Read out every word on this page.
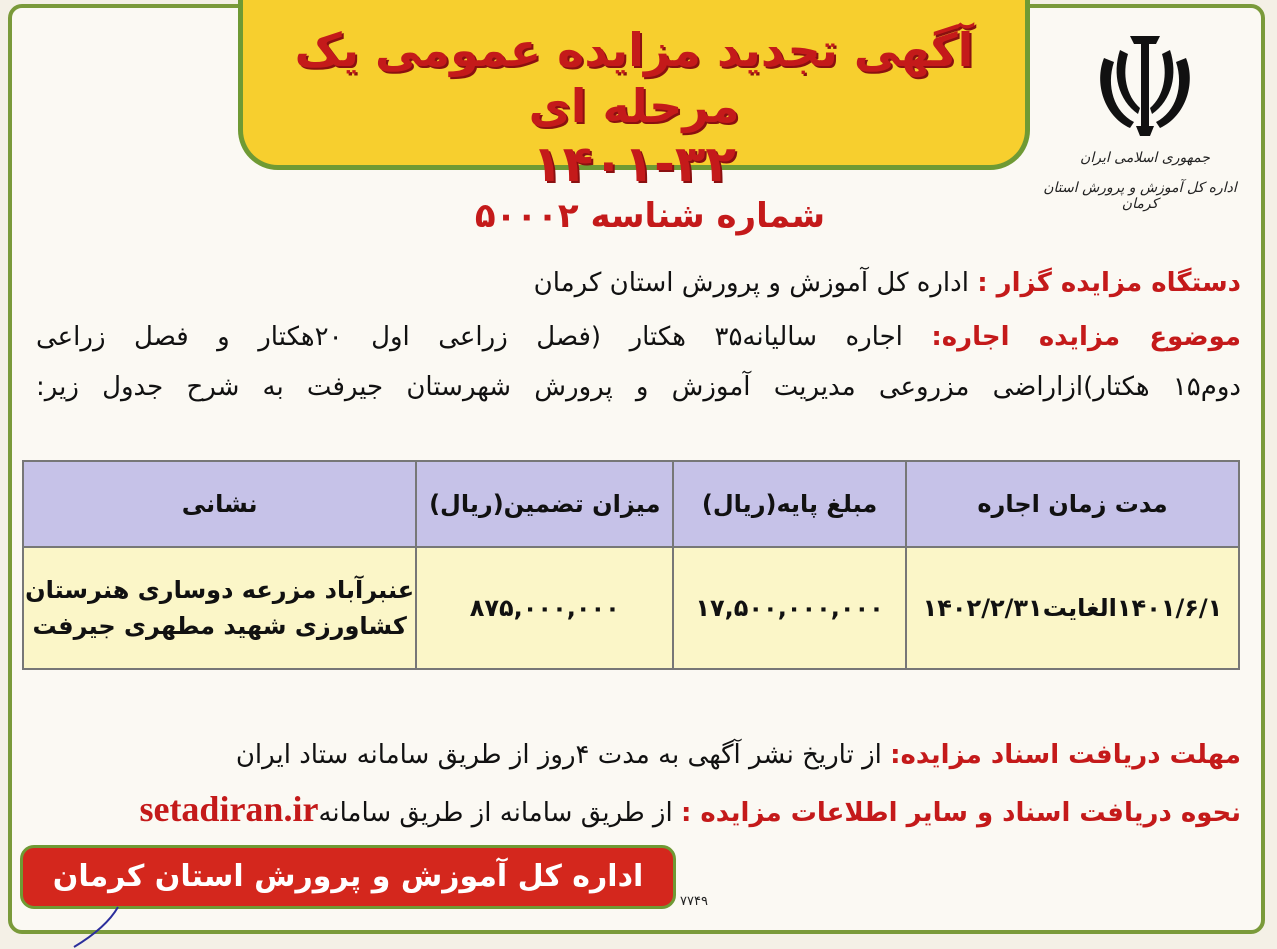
آگهی تجدید مزایده عمومی یک مرحله ای
۱۴۰۱-۳۲	جمهوری اسلامی ایران
اداره کل آموزش و پرورش استان کرمان
شماره شناسه ۵۰۰۰۲
دستگاه مزایده گزار : اداره کل آموزش و پرورش استان کرمان
موضوع مزایده اجاره: اجاره سالیانه۳۵ هکتار (فصل زراعی اول ۲۰هکتار و فصل زراعی
دوم۱۵ هکتار)ازاراضی مزروعی مدیریت آموزش و پرورش شهرستان جیرفت به شرح جدول زیر:
مدت زمان اجاره	مبلغ پایه(ریال)	میزان تضمین(ریال)	نشانی
۱۴۰۱/۶/۱الغایت۱۴۰۲/۲/۳۱	۱۷,۵۰۰,۰۰۰,۰۰۰	۸۷۵,۰۰۰,۰۰۰	عنبرآباد مزرعه دوساری هنرستان
کشاورزی شهید مطهری جیرفت
مهلت دریافت اسناد مزایده: از تاریخ نشر آگهی به مدت ۴روز از طریق سامانه ستاد ایران
نحوه دریافت اسناد و سایر اطلاعات مزایده : از طریق سامانه از طریق سامانهsetadiran.ir
اداره کل آموزش و پرورش استان کرمان
۷۷۴۹
